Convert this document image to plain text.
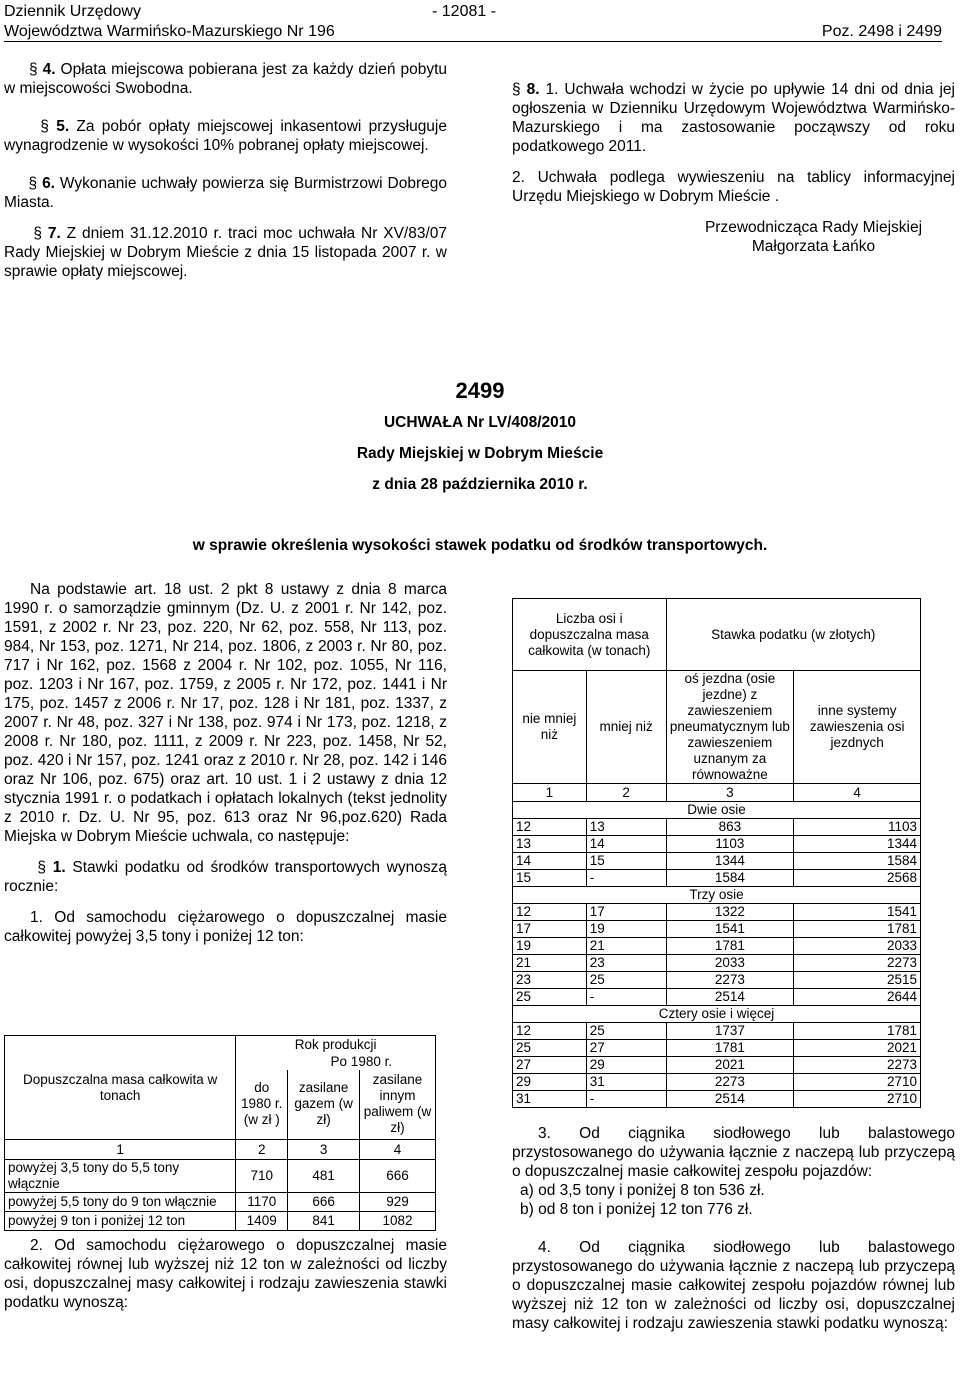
Dziennik Urzędowy
Województwa Warmińsko-Mazurskiego Nr 196
- 12081 -
Poz. 2498 i 2499

§ 4. Opłata miejscowa pobierana jest za każdy dzień pobytu w miejscowości Swobodna.

§ 5. Za pobór opłaty miejscowej inkasentowi przysługuje wynagrodzenie w wysokości 10% pobranej opłaty miejscowej.

§ 6. Wykonanie uchwały powierza się Burmistrzowi Dobrego Miasta.

§ 7. Z dniem 31.12.2010 r. traci moc uchwała Nr XV/83/07 Rady Miejskiej w Dobrym Mieście z dnia 15 listopada 2007 r. w sprawie opłaty miejscowej.

§ 8. 1. Uchwała wchodzi w życie po upływie 14 dni od dnia jej ogłoszenia w Dzienniku Urzędowym Województwa Warmińsko-Mazurskiego i ma zastosowanie począwszy od roku podatkowego 2011.

2. Uchwała podlega wywieszeniu na tablicy informacyjnej Urzędu Miejskiego w Dobrym Mieście .

Przewodnicząca Rady Miejskiej

Małgorzata Łańko

2499
UCHWAŁA Nr LV/408/2010
Rady Miejskiej w Dobrym Mieście
z dnia 28 października 2010 r.
w sprawie określenia wysokości stawek podatku od środków transportowych.

Na podstawie art. 18 ust. 2 pkt 8 ustawy z dnia 8 marca 1990 r. o samorządzie gminnym (Dz. U. z 2001 r. Nr 142, poz. 1591, z 2002 r. Nr 23, poz. 220, Nr 62, poz. 558, Nr 113, poz. 984, Nr 153, poz. 1271, Nr 214, poz. 1806, z 2003 r. Nr 80, poz. 717 i Nr 162, poz. 1568 z 2004 r. Nr 102, poz. 1055, Nr 116, poz. 1203 i Nr 167, poz. 1759, z 2005 r. Nr 172, poz. 1441 i Nr 175, poz. 1457 z 2006 r. Nr 17, poz. 128 i Nr 181, poz. 1337, z 2007 r. Nr 48, poz. 327 i Nr 138, poz. 974 i Nr 173, poz. 1218, z 2008 r. Nr 180, poz. 1111, z 2009 r. Nr 223, poz. 1458, Nr 52, poz. 420 i Nr 157, poz. 1241 oraz z 2010 r. Nr 28, poz. 142 i 146 oraz Nr 106, poz. 675) oraz art. 10 ust. 1 i 2 ustawy z dnia 12 stycznia 1991 r. o podatkach i opłatach lokalnych (tekst jednolity z 2010 r. Dz. U. Nr 95, poz. 613 oraz Nr 96,poz.620) Rada Miejska w Dobrym Mieście uchwala, co następuje:

§ 1. Stawki podatku od środków transportowych wynoszą rocznie:

1. Od samochodu ciężarowego o dopuszczalnej masie całkowitej powyżej 3,5 tony i poniżej 12 ton:

Dopuszczalna masa całkowita w tonach	Rok produkcji		
		Po 1980 r.	
	do 1980 r. (w zł )	zasilane gazem (w zł)	zasilane innym paliwem (w zł)
1	2	3	4
powyżej 3,5 tony do 5,5 tony włącznie	710	481	666
powyżej 5,5 tony do 9 ton włącznie	1170	666	929
powyżej 9 ton i poniżej 12 ton	1409	841	1082

2. Od samochodu ciężarowego o dopuszczalnej masie całkowitej równej lub wyższej niż 12 ton w zależności od liczby osi, dopuszczalnej masy całkowitej i rodzaju zawieszenia stawki podatku wynoszą:

Liczba osi i dopuszczalna masa całkowita (w tonach)		Stawka podatku (w złotych)	
nie mniej niż	mniej niż	oś jezdna (osie jezdne) z zawieszeniem pneumatycznym lub zawieszeniem uznanym za równoważne	inne systemy zawieszenia osi jezdnych
1	2	3	4
Dwie osie			
12	13	863	1103
13	14	1103	1344
14	15	1344	1584
15	-	1584	2568
Trzy osie			
12	17	1322	1541
17	19	1541	1781
19	21	1781	2033
21	23	2033	2273
23	25	2273	2515
25	-	2514	2644
Cztery osie i więcej			
12	25	1737	1781
25	27	1781	2021
27	29	2021	2273
29	31	2273	2710
31	-	2514	2710

3. Od ciągnika siodłowego lub balastowego przystosowanego do używania łącznie z naczepą lub przyczepą o dopuszczalnej masie całkowitej zespołu pojazdów:

a) od 3,5 tony i poniżej 8 ton 536 zł.

b) od 8 ton i poniżej 12 ton 776 zł.

4. Od ciągnika siodłowego lub balastowego przystosowanego do używania łącznie z naczepą lub przyczepą o dopuszczalnej masie całkowitej zespołu pojazdów równej lub wyższej niż 12 ton w zależności od liczby osi, dopuszczalnej masy całkowitej i rodzaju zawieszenia stawki podatku wynoszą:
